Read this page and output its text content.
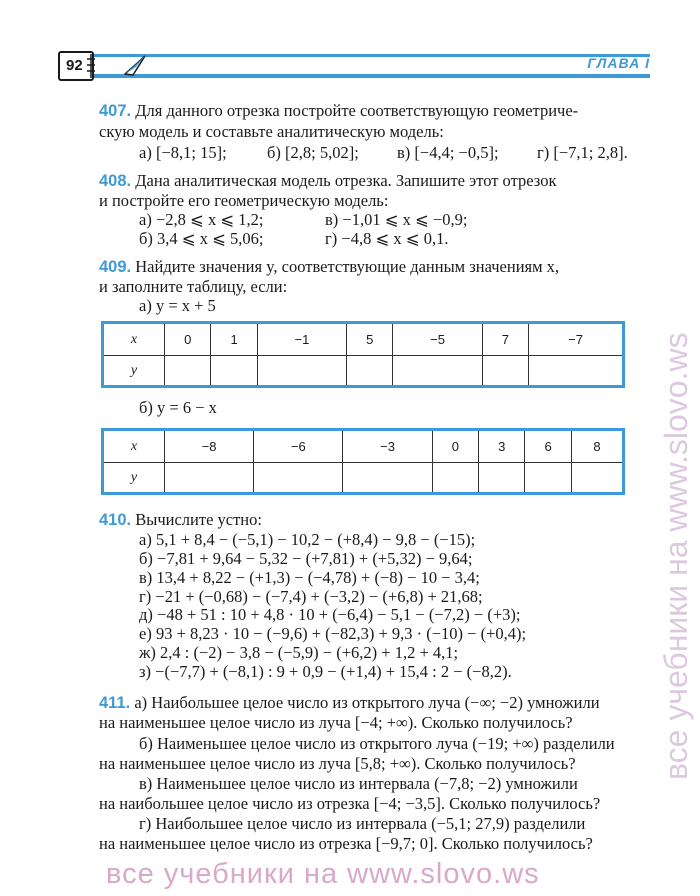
92	ГЛАВА I
407. Для данного отрезка постройте соответствующую геометриче-
скую модель и составьте аналитическую модель:
а) [−8,1; 15]; б) [2,8; 5,02]; в) [−4,4; −0,5]; г) [−7,1; 2,8].
408. Дана аналитическая модель отрезка. Запишите этот отрезок
и постройте его геометрическую модель:
а) −2,8 ⩽ x ⩽ 1,2;	в) −1,01 ⩽ x ⩽ −0,9;
б) 3,4 ⩽ x ⩽ 5,06;	г) −4,8 ⩽ x ⩽ 0,1.
409. Найдите значения y, соответствующие данным значениям x,
и заполните таблицу, если:
а) y = x + 5
x	0	1	−1	5	−5	7	−7
y							
б) y = 6 − x
x	−8	−6	−3	0	3	6	8
y							
410. Вычислите устно:
а) 5,1 + 8,4 − (−5,1) − 10,2 − (+8,4) − 9,8 − (−15);
б) −7,81 + 9,64 − 5,32 − (+7,81) + (+5,32) − 9,64;
в) 13,4 + 8,22 − (+1,3) − (−4,78) + (−8) − 10 − 3,4;
г) −21 + (−0,68) − (−7,4) + (−3,2) − (+6,8) + 21,68;
д) −48 + 51 : 10 + 4,8 · 10 + (−6,4) − 5,1 − (−7,2) − (+3);
е) 93 + 8,23 · 10 − (−9,6) + (−82,3) + 9,3 · (−10) − (+0,4);
ж) 2,4 : (−2) − 3,8 − (−5,9) − (+6,2) + 1,2 + 4,1;
з) −(−7,7) + (−8,1) : 9 + 0,9 − (+1,4) + 15,4 : 2 − (−8,2).
411. а) Наибольшее целое число из открытого луча (−∞; −2) умножили
на наименьшее целое число из луча [−4; +∞). Сколько получилось?
б) Наименьшее целое число из открытого луча (−19; +∞) разделили
на наименьшее целое число из луча [5,8; +∞). Сколько получилось?
в) Наименьшее целое число из интервала (−7,8; −2) умножили
на наибольшее целое число из отрезка [−4; −3,5]. Сколько получилось?
г) Наибольшее целое число из интервала (−5,1; 27,9) разделили
на наименьшее целое число из отрезка [−9,7; 0]. Сколько получилось?
все учебники на www.slovo.ws
все учебники на www.slovo.ws
